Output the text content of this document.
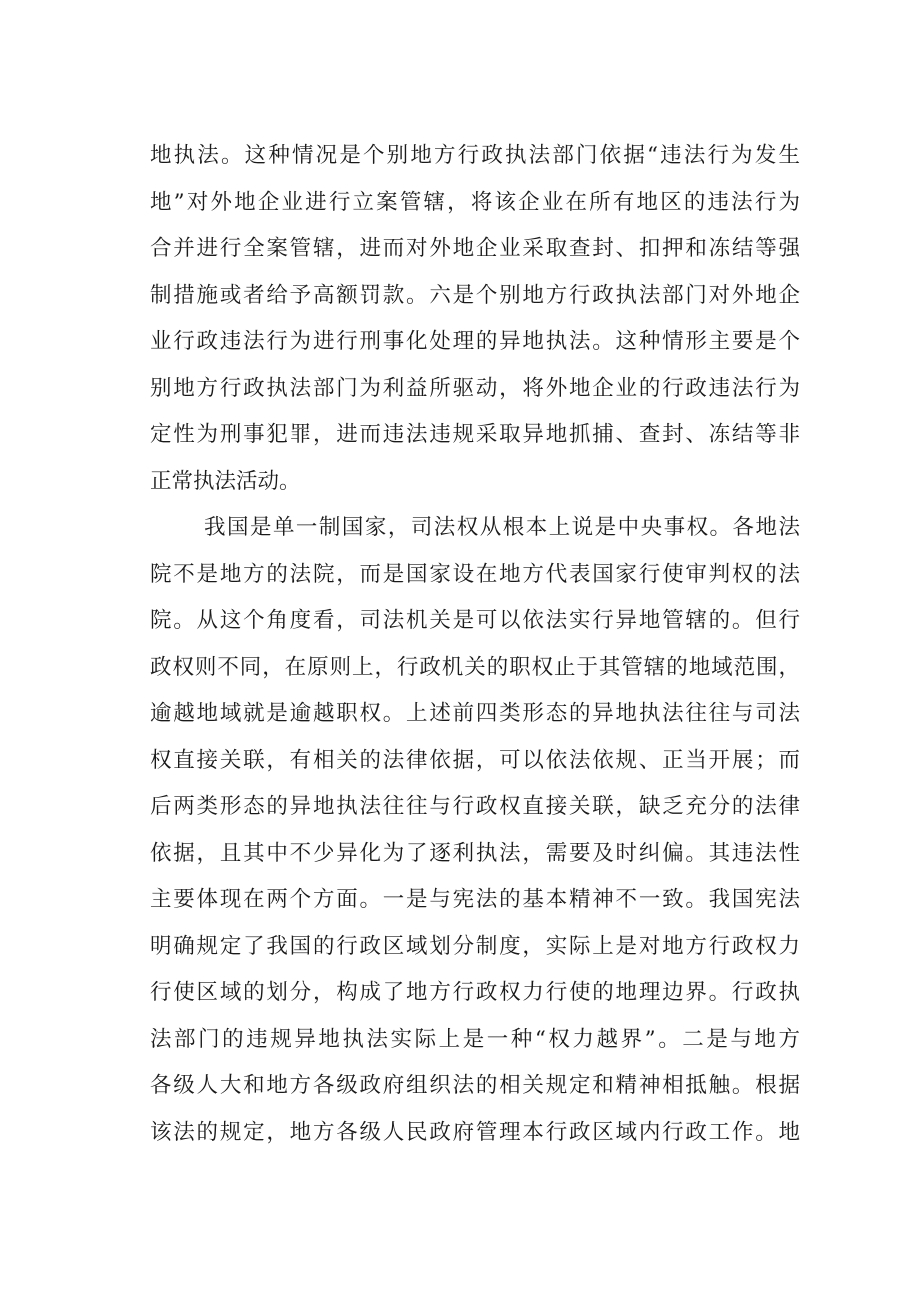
地执法。这种情况是个别地方行政执法部门依据“违法行为发生
地”对外地企业进行立案管辖，将该企业在所有地区的违法行为
合并进行全案管辖，进而对外地企业采取查封、扣押和冻结等强
制措施或者给予高额罚款。六是个别地方行政执法部门对外地企
业行政违法行为进行刑事化处理的异地执法。这种情形主要是个
别地方行政执法部门为利益所驱动，将外地企业的行政违法行为
定性为刑事犯罪，进而违法违规采取异地抓捕、查封、冻结等非
正常执法活动。
我国是单一制国家，司法权从根本上说是中央事权。各地法
院不是地方的法院，而是国家设在地方代表国家行使审判权的法
院。从这个角度看，司法机关是可以依法实行异地管辖的。但行
政权则不同，在原则上，行政机关的职权止于其管辖的地域范围，
逾越地域就是逾越职权。上述前四类形态的异地执法往往与司法
权直接关联，有相关的法律依据，可以依法依规、正当开展；而
后两类形态的异地执法往往与行政权直接关联，缺乏充分的法律
依据，且其中不少异化为了逐利执法，需要及时纠偏。其违法性
主要体现在两个方面。一是与宪法的基本精神不一致。我国宪法
明确规定了我国的行政区域划分制度，实际上是对地方行政权力
行使区域的划分，构成了地方行政权力行使的地理边界。行政执
法部门的违规异地执法实际上是一种“权力越界”。二是与地方
各级人大和地方各级政府组织法的相关规定和精神相抵触。根据
该法的规定，地方各级人民政府管理本行政区域内行政工作。地
